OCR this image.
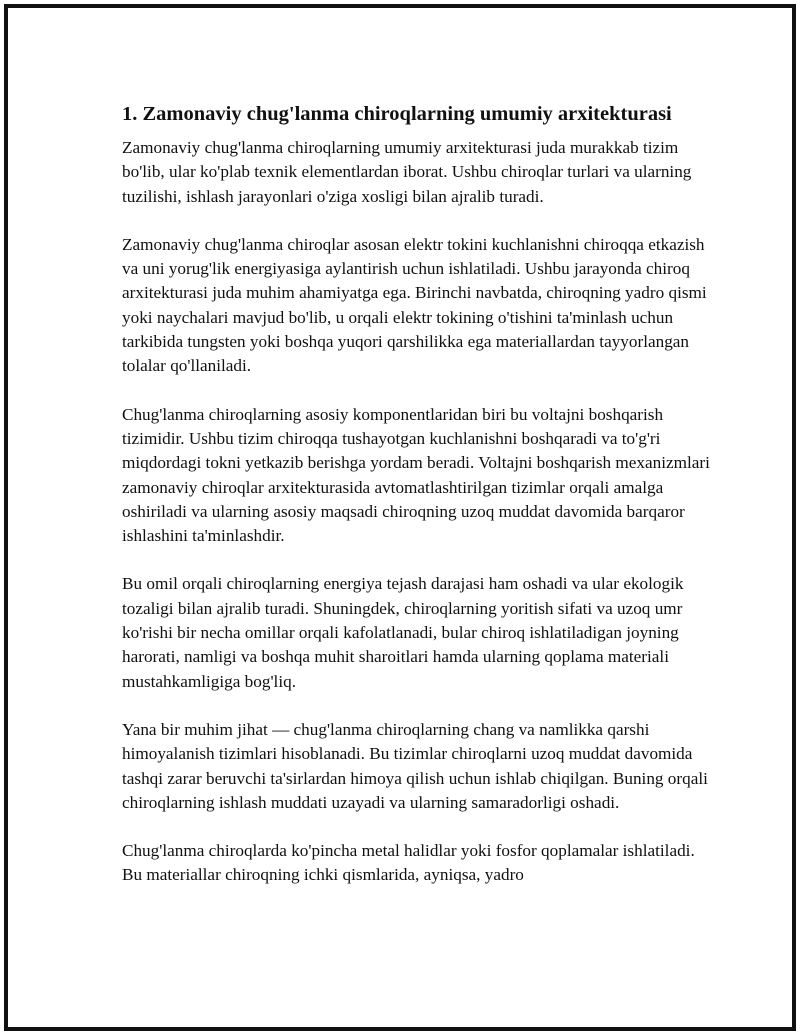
1. Zamonaviy chug'lanma chiroqlarning umumiy arxitekturasi

Zamonaviy chug'lanma chiroqlarning umumiy arxitekturasi juda murakkab tizim bo'lib, ular ko'plab texnik elementlardan iborat. Ushbu chiroqlar turlari va ularning tuzilishi, ishlash jarayonlari o'ziga xosligi bilan ajralib turadi.

Zamonaviy chug'lanma chiroqlar asosan elektr tokini kuchlanishni chiroqqa etkazish va uni yorug'lik energiyasiga aylantirish uchun ishlatiladi. Ushbu jarayonda chiroq arxitekturasi juda muhim ahamiyatga ega. Birinchi navbatda, chiroqning yadro qismi yoki naychalari mavjud bo'lib, u orqali elektr tokining o'tishini ta'minlash uchun tarkibida tungsten yoki boshqa yuqori qarshilikka ega materiallardan tayyorlangan tolalar qo'llaniladi.

Chug'lanma chiroqlarning asosiy komponentlaridan biri bu voltajni boshqarish tizimidir. Ushbu tizim chiroqqa tushayotgan kuchlanishni boshqaradi va to'g'ri miqdordagi tokni yetkazib berishga yordam beradi. Voltajni boshqarish mexanizmlari zamonaviy chiroqlar arxitekturasida avtomatlashtirilgan tizimlar orqali amalga oshiriladi va ularning asosiy maqsadi chiroqning uzoq muddat davomida barqaror ishlashini ta'minlashdir.

Bu omil orqali chiroqlarning energiya tejash darajasi ham oshadi va ular ekologik tozaligi bilan ajralib turadi. Shuningdek, chiroqlarning yoritish sifati va uzoq umr ko'rishi bir necha omillar orqali kafolatlanadi, bular chiroq ishlatiladigan joyning harorati, namligi va boshqa muhit sharoitlari hamda ularning qoplama materiali mustahkamligiga bog'liq.

Yana bir muhim jihat — chug'lanma chiroqlarning chang va namlikka qarshi himoyalanish tizimlari hisoblanadi. Bu tizimlar chiroqlarni uzoq muddat davomida tashqi zarar beruvchi ta'sirlardan himoya qilish uchun ishlab chiqilgan. Buning orqali chiroqlarning ishlash muddati uzayadi va ularning samaradorligi oshadi.

Chug'lanma chiroqlarda ko'pincha metal halidlar yoki fosfor qoplamalar ishlatiladi. Bu materiallar chiroqning ichki qismlarida, ayniqsa, yadro
